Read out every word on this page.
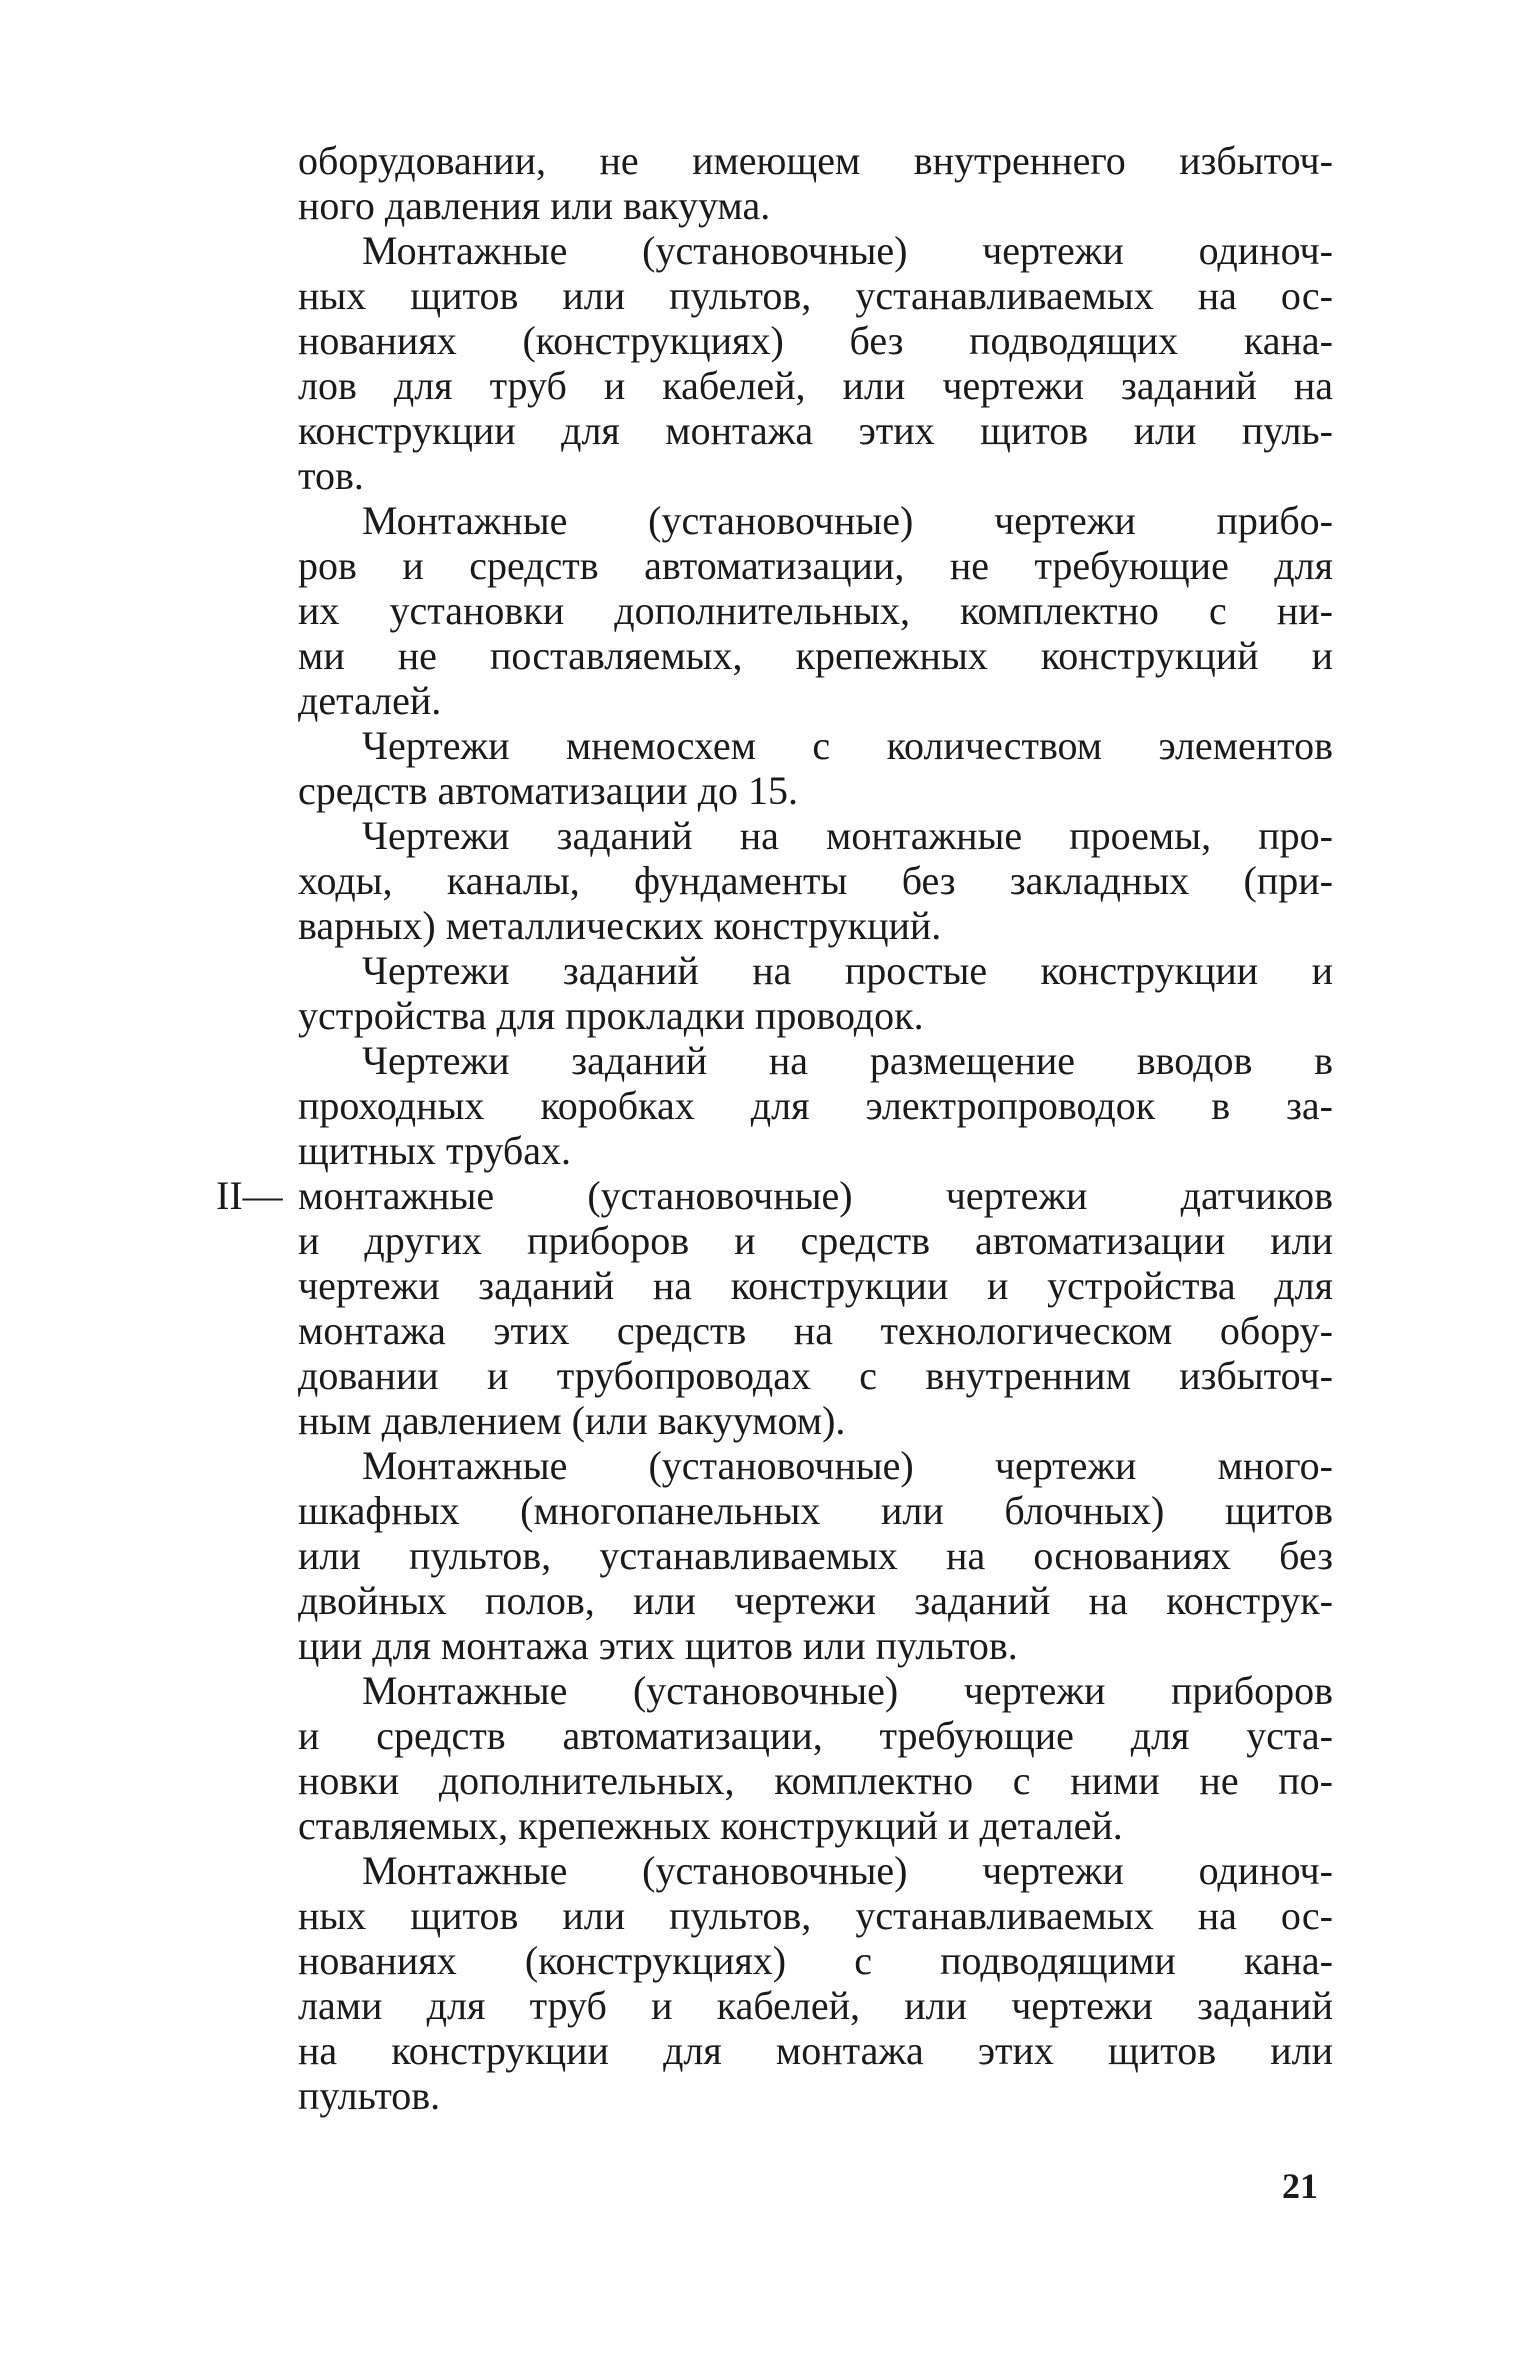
оборудовании, не имеющем внутреннего избыточ-
ного давления или вакуума.
Монтажные (установочные) чертежи одиноч-
ных щитов или пультов, устанавливаемых на ос-
нованиях (конструкциях) без подводящих кана-
лов для труб и кабелей, или чертежи заданий на
конструкции для монтажа этих щитов или пуль-
тов.
Монтажные (установочные) чертежи прибо-
ров и средств автоматизации, не требующие для
их установки дополнительных, комплектно с ни-
ми не поставляемых, крепежных конструкций и
деталей.
Чертежи мнемосхем с количеством элементов
средств автоматизации до 15.
Чертежи заданий на монтажные проемы, про-
ходы, каналы, фундаменты без закладных (при-
варных) металлических конструкций.
Чертежи заданий на простые конструкции и
устройства для прокладки проводок.
Чертежи заданий на размещение вводов в
проходных коробках для электропроводок в за-
щитных трубах.
II— монтажные (установочные) чертежи датчиков
и других приборов и средств автоматизации или
чертежи заданий на конструкции и устройства для
монтажа этих средств на технологическом обору-
довании и трубопроводах с внутренним избыточ-
ным давлением (или вакуумом).
Монтажные (установочные) чертежи много-
шкафных (многопанельных или блочных) щитов
или пультов, устанавливаемых на основаниях без
двойных полов, или чертежи заданий на конструк-
ции для монтажа этих щитов или пультов.
Монтажные (установочные) чертежи приборов
и средств автоматизации, требующие для уста-
новки дополнительных, комплектно с ними не по-
ставляемых, крепежных конструкций и деталей.
Монтажные (установочные) чертежи одиноч-
ных щитов или пультов, устанавливаемых на ос-
нованиях (конструкциях) с подводящими кана-
лами для труб и кабелей, или чертежи заданий
на конструкции для монтажа этих щитов или
пультов.
21
